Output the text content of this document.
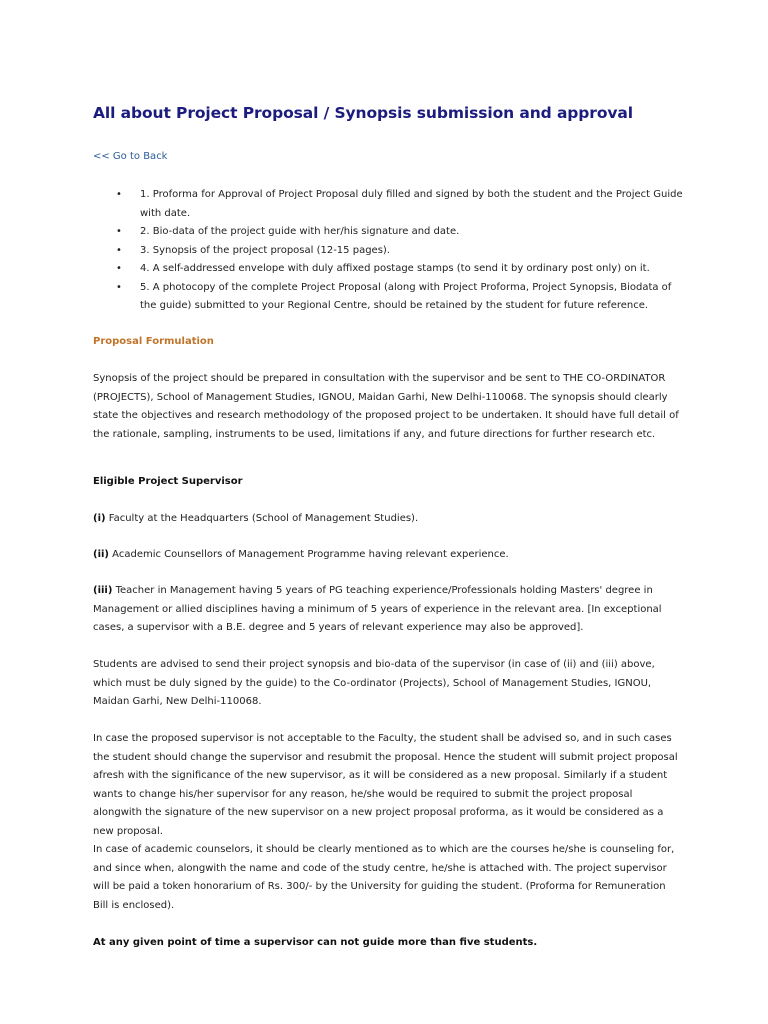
All about Project Proposal / Synopsis submission and approval
<< Go to Back
• 1. Proforma for Approval of Project Proposal duly filled and signed by both the student and the Project Guide with date.
• 2. Bio-data of the project guide with her/his signature and date.
• 3. Synopsis of the project proposal (12-15 pages).
• 4. A self-addressed envelope with duly affixed postage stamps (to send it by ordinary post only) on it.
• 5. A photocopy of the complete Project Proposal (along with Project Proforma, Project Synopsis, Biodata of the guide) submitted to your Regional Centre, should be retained by the student for future reference.
Proposal Formulation

Synopsis of the project should be prepared in consultation with the supervisor and be sent to THE CO-ORDINATOR (PROJECTS), School of Management Studies, IGNOU, Maidan Garhi, New Delhi-110068. The synopsis should clearly state the objectives and research methodology of the proposed project to be undertaken. It should have full detail of the rationale, sampling, instruments to be used, limitations if any, and future directions for further research etc.

Eligible Project Supervisor

(i) Faculty at the Headquarters (School of Management Studies).

(ii) Academic Counsellors of Management Programme having relevant experience.

(iii) Teacher in Management having 5 years of PG teaching experience/Professionals holding Masters' degree in Management or allied disciplines having a minimum of 5 years of experience in the relevant area. [In exceptional cases, a supervisor with a B.E. degree and 5 years of relevant experience may also be approved].

Students are advised to send their project synopsis and bio-data of the supervisor (in case of (ii) and (iii) above, which must be duly signed by the guide) to the Co-ordinator (Projects), School of Management Studies, IGNOU, Maidan Garhi, New Delhi-110068.

In case the proposed supervisor is not acceptable to the Faculty, the student shall be advised so, and in such cases the student should change the supervisor and resubmit the proposal. Hence the student will submit project proposal afresh with the significance of the new supervisor, as it will be considered as a new proposal. Similarly if a student wants to change his/her supervisor for any reason, he/she would be required to submit the project proposal alongwith the signature of the new supervisor on a new project proposal proforma, as it would be considered as a new proposal.

In case of academic counselors, it should be clearly mentioned as to which are the courses he/she is counseling for, and since when, alongwith the name and code of the study centre, he/she is attached with. The project supervisor will be paid a token honorarium of Rs. 300/- by the University for guiding the student. (Proforma for Remuneration Bill is enclosed).

At any given point of time a supervisor can not guide more than five students.
